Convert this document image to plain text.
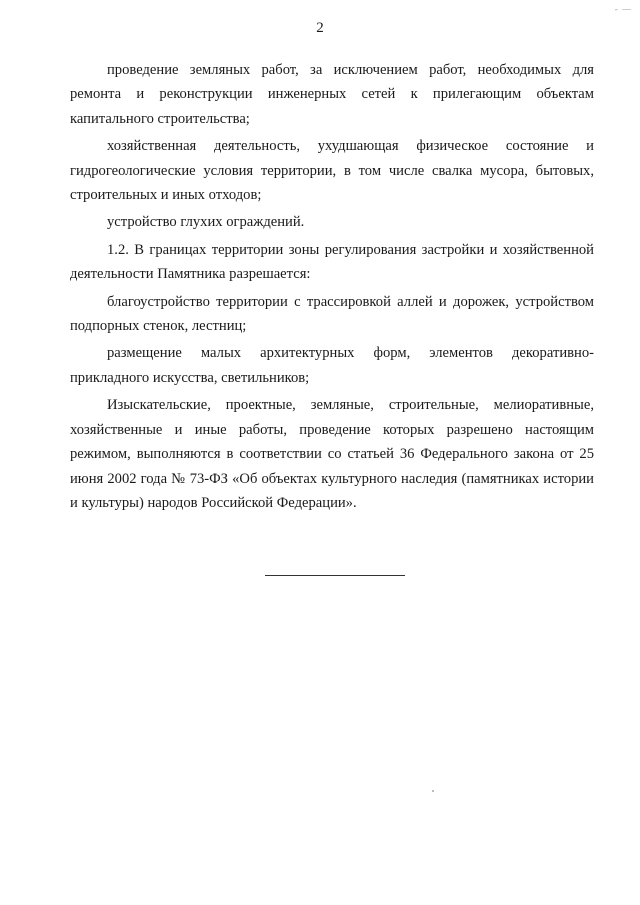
- —
2

проведение земляных работ, за исключением работ, необходимых для ремонта и реконструкции инженерных сетей к прилегающим объектам капитального строительства;

хозяйственная деятельность, ухудшающая физическое состояние и гидрогеологические условия территории, в том числе свалка мусора, бытовых, строительных и иных отходов;

устройство глухих ограждений.

1.2. В границах территории зоны регулирования застройки и хозяйственной деятельности Памятника разрешается:

благоустройство территории с трассировкой аллей и дорожек, устройством подпорных стенок, лестниц;

размещение малых архитектурных форм, элементов декоративно-прикладного искусства, светильников;

Изыскательские, проектные, земляные, строительные, мелиоративные, хозяйственные и иные работы, проведение которых разрешено настоящим режимом, выполняются в соответствии со статьей 36 Федерального закона от 25 июня 2002 года № 73-ФЗ «Об объектах культурного наследия (памятниках истории и культуры) народов Российской Федерации».
